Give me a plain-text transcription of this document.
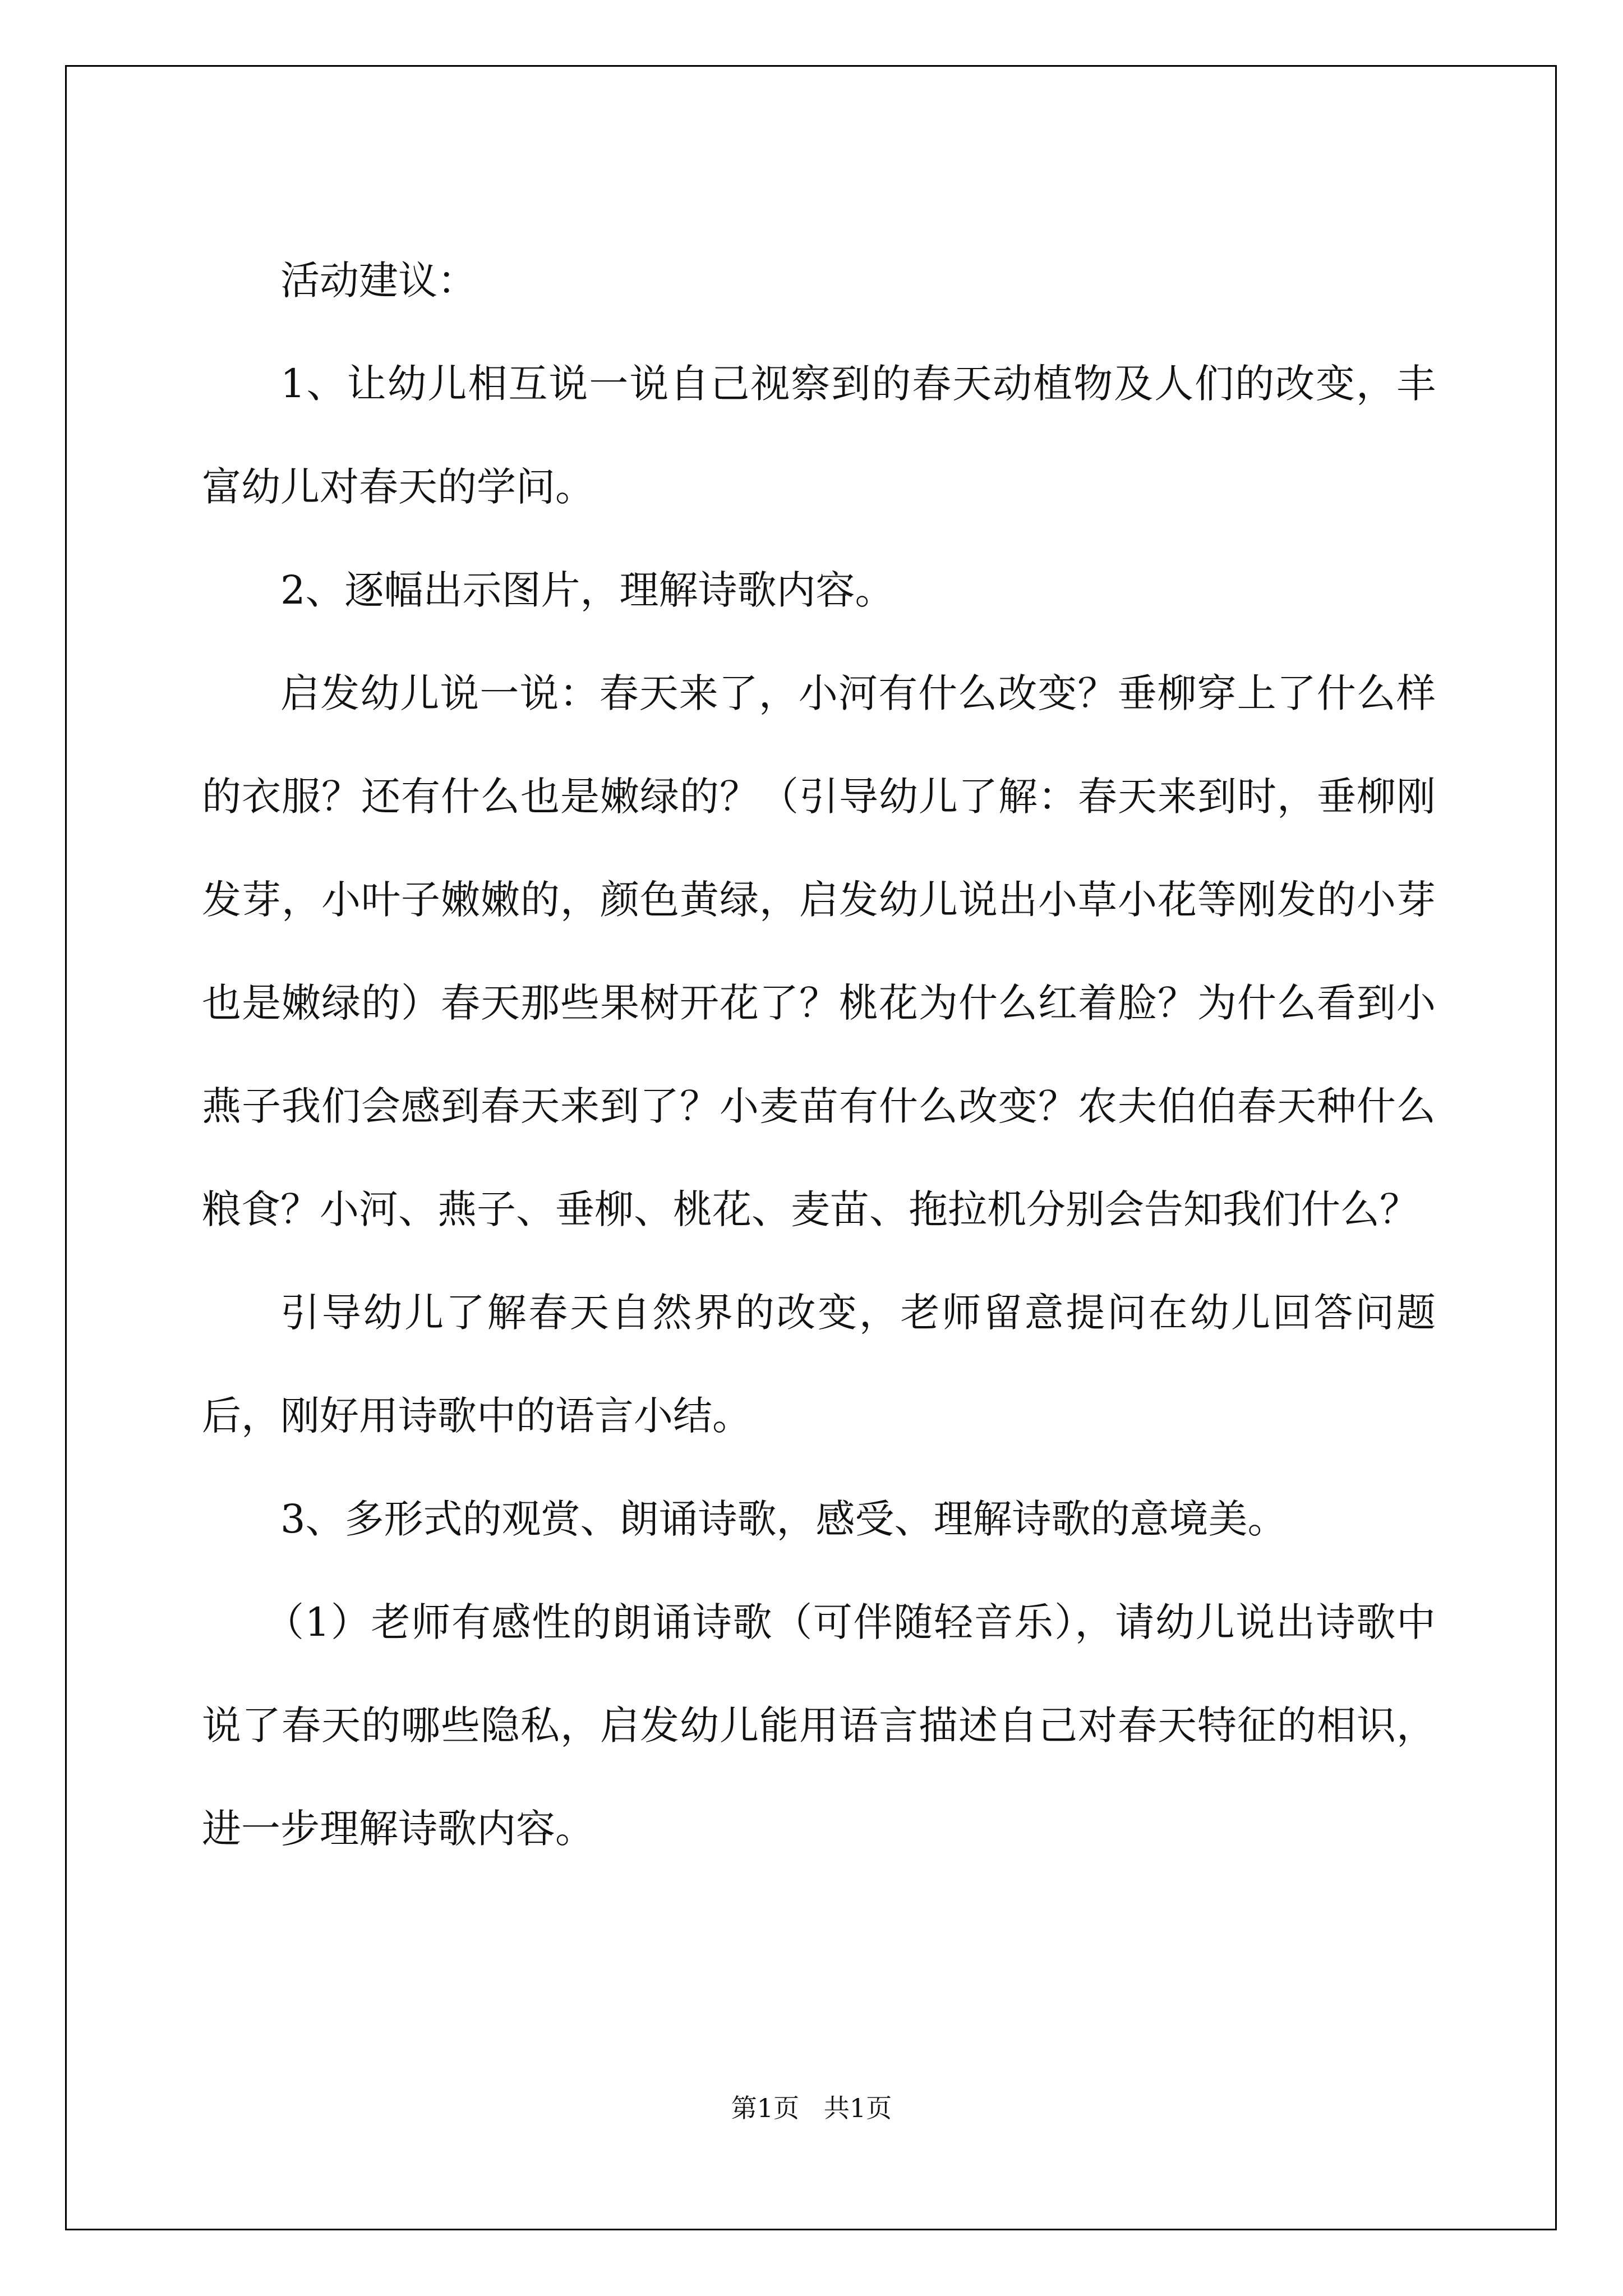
活动建议：

1、让幼儿相互说一说自己视察到的春天动植物及人们的改变，丰富幼儿对春天的学问。

2、逐幅出示图片，理解诗歌内容。

启发幼儿说一说：春天来了，小河有什么改变？垂柳穿上了什么样的衣服？还有什么也是嫩绿的？（引导幼儿了解：春天来到时，垂柳刚发芽，小叶子嫩嫩的，颜色黄绿，启发幼儿说出小草小花等刚发的小芽也是嫩绿的）春天那些果树开花了？桃花为什么红着脸？为什么看到小燕子我们会感到春天来到了？小麦苗有什么改变？农夫伯伯春天种什么粮食？小河、燕子、垂柳、桃花、麦苗、拖拉机分别会告知我们什么？

引导幼儿了解春天自然界的改变，老师留意提问在幼儿回答问题后，刚好用诗歌中的语言小结。

3、多形式的观赏、朗诵诗歌，感受、理解诗歌的意境美。

（1）老师有感性的朗诵诗歌（可伴随轻音乐），请幼儿说出诗歌中说了春天的哪些隐私，启发幼儿能用语言描述自己对春天特征的相识，进一步理解诗歌内容。

第1页   共1页
